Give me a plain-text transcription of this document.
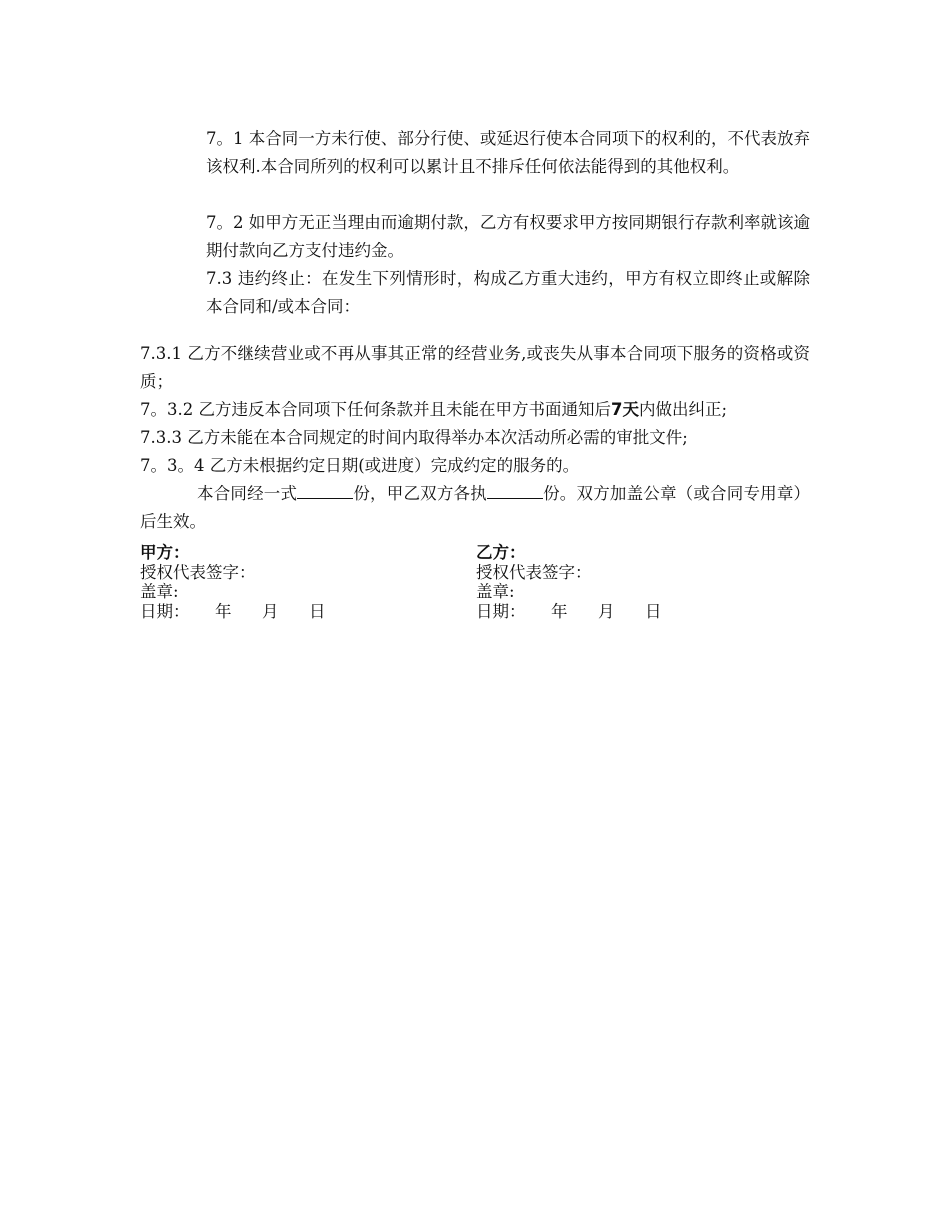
7。1 本合同一方未行使、部分行使、或延迟行使本合同项下的权利的，不代表放弃该权利.本合同所列的权利可以累计且不排斥任何依法能得到的其他权利。

7。2 如甲方无正当理由而逾期付款，乙方有权要求甲方按同期银行存款利率就该逾期付款向乙方支付违约金。

7.3 违约终止：在发生下列情形时，构成乙方重大违约，甲方有权立即终止或解除本合同和/或本合同：

7.3.1 乙方不继续营业或不再从事其正常的经营业务,或丧失从事本合同项下服务的资格或资质；

7。3.2 乙方违反本合同项下任何条款并且未能在甲方书面通知后7天内做出纠正;

7.3.3 乙方未能在本合同规定的时间内取得举办本次活动所必需的审批文件;

7。3。4 乙方未根据约定日期(或进度）完成约定的服务的。

本合同经一式	份，甲乙双方各执	份。双方加盖公章（或合同专用章）后生效。

甲方：
授权代表签字：
盖章:
日期： 年 月 日
乙方：
授权代表签字：
盖章:
日期： 年 月 日
